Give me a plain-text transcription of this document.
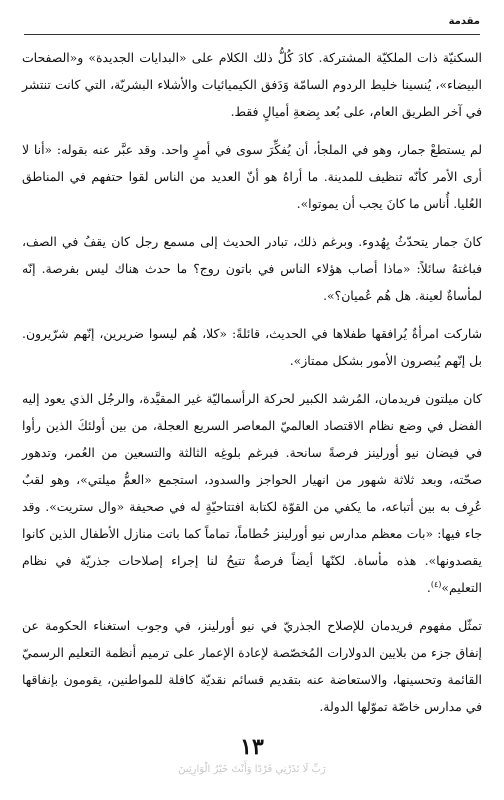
مقدمة

السكنيّة ذات الملكيّة المشتركة. كادَ كُلُّ ذلك الكلام على «البدايات الجديدة» و«الصفحات البيضاء»، يُنسينا خليط الردوم السامّة وَدَفق الكيميائيات والأشلاء البشريّة، التي كانت تنتشر في آخر الطريق العام، على بُعد بِضعةِ أميالٍ فقط.

لم يستطعْ جمار، وهو في الملجأ، أن يُفكِّرَ سوى في أمرٍ واحد. وقد عبَّر عنه بقوله: «أنا لا أرى الأمر كأنّه تنظيف للمدينة. ما أراهُ هو أنّ العديد من الناس لقوا حتفهم في المناطق العُليا. أُناس ما كانَ يجب أن يموتوا».

كانَ جمار يتحدّثُ بِهُدوء. وبرغم ذلك، تبادر الحديث إلى مسمع رجل كان يقفُ في الصف، فباغتهُ سائلاً: «ماذا أصاب هؤلاء الناس في باتون روج؟ ما حدث هناك ليس بفرصة. إنّه لمأساةٌ لعينة. هل هُم عُميان؟».

شاركت امرأةٌ يُرافقها طفلاها في الحديث، قائلةً: «كلا، هُم ليسوا ضريرين، إنّهم شرّيرون. بل إنّهم يُبصرون الأمور بشكل ممتاز».

كان ميلتون فريدمان، المُرشد الكبير لحركة الرأسماليّة غير المقيَّدة، والرجُل الذي يعود إليه الفضل في وضع نظام الاقتصاد العالميّ المعاصر السريع العجلة، من بين أولئكَ الذين رأوا في فيضان نيو أورلينز فرصةً سانحة. فبرغم بلوغِه الثالثة والتسعين من العُمر، وتدهور صحّته، وبعد ثلاثة شهور من انهيار الحواجز والسدود، استجمع «العمُّ ميلتي»، وهو لقبٌ عُرِف به بين أتباعه، ما يكفي من القوّة لكتابة افتتاحيّةٍ له في صحيفة «وال ستريت». وقد جاء فيها: «بات معظم مدارس نيو أورلينز حُطاماً، تماماً كما باتت منازل الأطفال الذين كانوا يقصدونها». هذه مأساة. لكنّها أيضاً فرصةٌ تتيحُ لنا إجراء إصلاحات جذريّة في نظام التعليم»$^{(٤)}$.

تمثّل مفهوم فريدمان للإصلاح الجذريّ في نيو أورلينز، في وجوب استغناء الحكومة عن إنفاق جزء من بلايين الدولارات المُخصّصة لإعادة الإعمار على ترميم أنظمة التعليم الرسميّ القائمة وتحسينها، والاستعاضة عنه بتقديم قسائم نقديّة كافلة للمواطنين، يقومون بإنفاقها في مدارس خاصّة تموّلها الدولة.

١٣
رَبِّ لَا تَذَرْنِي فَرْدًا وَأَنْتَ خَيْرُ الْوَارِثِينَ
